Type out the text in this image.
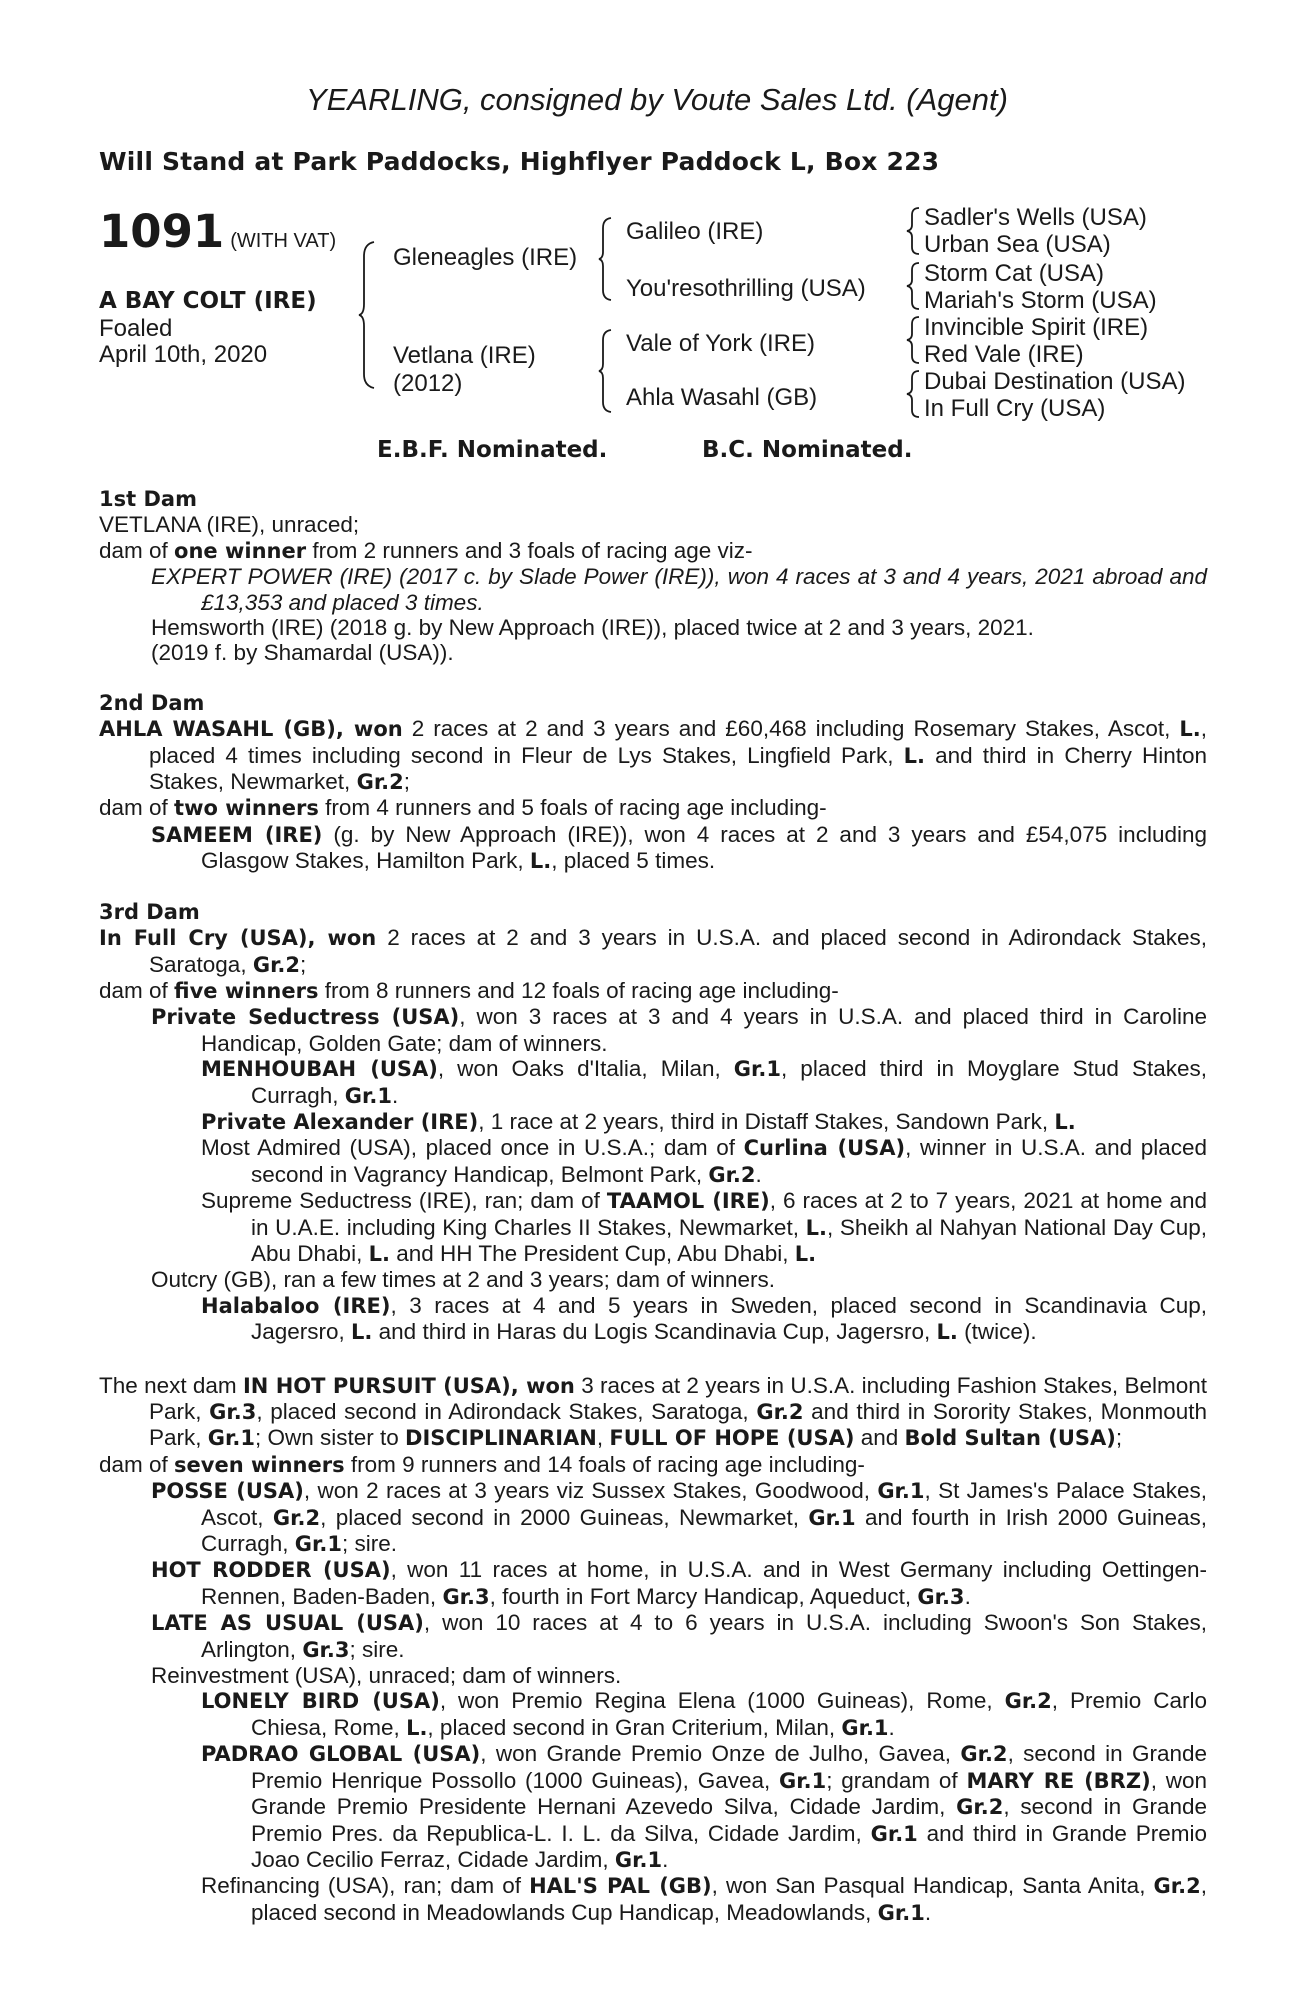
YEARLING, consigned by Voute Sales Ltd. (Agent)
Will Stand at Park Paddocks, Highflyer Paddock L, Box 223
1091 (WITH VAT)
A BAY COLT (IRE)
Foaled
April 10th, 2020
Gleneagles (IRE)
Vetlana (IRE)
(2012)
Galileo (IRE)
You'resothrilling (USA)
Vale of York (IRE)
Ahla Wasahl (GB)
Sadler's Wells (USA)
Urban Sea (USA)
Storm Cat (USA)
Mariah's Storm (USA)
Invincible Spirit (IRE)
Red Vale (IRE)
Dubai Destination (USA)
In Full Cry (USA)
E.B.F. Nominated.	B.C. Nominated.

1st Dam

VETLANA (IRE), unraced;

dam of one winner from 2 runners and 3 foals of racing age viz-

EXPERT POWER (IRE) (2017 c. by Slade Power (IRE)), won 4 races at 3 and 4 years, 2021 abroad and £13,353 and placed 3 times.

Hemsworth (IRE) (2018 g. by New Approach (IRE)), placed twice at 2 and 3 years, 2021.

(2019 f. by Shamardal (USA)).

2nd Dam

AHLA WASAHL (GB), won 2 races at 2 and 3 years and £60,468 including Rosemary Stakes, Ascot, L., placed 4 times including second in Fleur de Lys Stakes, Lingfield Park, L. and third in Cherry Hinton Stakes, Newmarket, Gr.2;

dam of two winners from 4 runners and 5 foals of racing age including-

SAMEEM (IRE) (g. by New Approach (IRE)), won 4 races at 2 and 3 years and £54,075 including Glasgow Stakes, Hamilton Park, L., placed 5 times.

3rd Dam

In Full Cry (USA), won 2 races at 2 and 3 years in U.S.A. and placed second in Adirondack Stakes, Saratoga, Gr.2;

dam of five winners from 8 runners and 12 foals of racing age including-

Private Seductress (USA), won 3 races at 3 and 4 years in U.S.A. and placed third in Caroline Handicap, Golden Gate; dam of winners.

MENHOUBAH (USA), won Oaks d'Italia, Milan, Gr.1, placed third in Moyglare Stud Stakes, Curragh, Gr.1.

Private Alexander (IRE), 1 race at 2 years, third in Distaff Stakes, Sandown Park, L.

Most Admired (USA), placed once in U.S.A.; dam of Curlina (USA), winner in U.S.A. and placed second in Vagrancy Handicap, Belmont Park, Gr.2.

Supreme Seductress (IRE), ran; dam of TAAMOL (IRE), 6 races at 2 to 7 years, 2021 at home and in U.A.E. including King Charles II Stakes, Newmarket, L., Sheikh al Nahyan National Day Cup, Abu Dhabi, L. and HH The President Cup, Abu Dhabi, L.

Outcry (GB), ran a few times at 2 and 3 years; dam of winners.

Halabaloo (IRE), 3 races at 4 and 5 years in Sweden, placed second in Scandinavia Cup, Jagersro, L. and third in Haras du Logis Scandinavia Cup, Jagersro, L. (twice).

The next dam IN HOT PURSUIT (USA), won 3 races at 2 years in U.S.A. including Fashion Stakes, Belmont Park, Gr.3, placed second in Adirondack Stakes, Saratoga, Gr.2 and third in Sorority Stakes, Monmouth Park, Gr.1; Own sister to DISCIPLINARIAN, FULL OF HOPE (USA) and Bold Sultan (USA);

dam of seven winners from 9 runners and 14 foals of racing age including-

POSSE (USA), won 2 races at 3 years viz Sussex Stakes, Goodwood, Gr.1, St James's Palace Stakes, Ascot, Gr.2, placed second in 2000 Guineas, Newmarket, Gr.1 and fourth in Irish 2000 Guineas, Curragh, Gr.1; sire.

HOT RODDER (USA), won 11 races at home, in U.S.A. and in West Germany including Oettingen-Rennen, Baden-Baden, Gr.3, fourth in Fort Marcy Handicap, Aqueduct, Gr.3.

LATE AS USUAL (USA), won 10 races at 4 to 6 years in U.S.A. including Swoon's Son Stakes, Arlington, Gr.3; sire.

Reinvestment (USA), unraced; dam of winners.

LONELY BIRD (USA), won Premio Regina Elena (1000 Guineas), Rome, Gr.2, Premio Carlo Chiesa, Rome, L., placed second in Gran Criterium, Milan, Gr.1.

PADRAO GLOBAL (USA), won Grande Premio Onze de Julho, Gavea, Gr.2, second in Grande Premio Henrique Possollo (1000 Guineas), Gavea, Gr.1; grandam of MARY RE (BRZ), won Grande Premio Presidente Hernani Azevedo Silva, Cidade Jardim, Gr.2, second in Grande Premio Pres. da Republica-L. I. L. da Silva, Cidade Jardim, Gr.1 and third in Grande Premio Joao Cecilio Ferraz, Cidade Jardim, Gr.1.

Refinancing (USA), ran; dam of HAL'S PAL (GB), won San Pasqual Handicap, Santa Anita, Gr.2, placed second in Meadowlands Cup Handicap, Meadowlands, Gr.1.
